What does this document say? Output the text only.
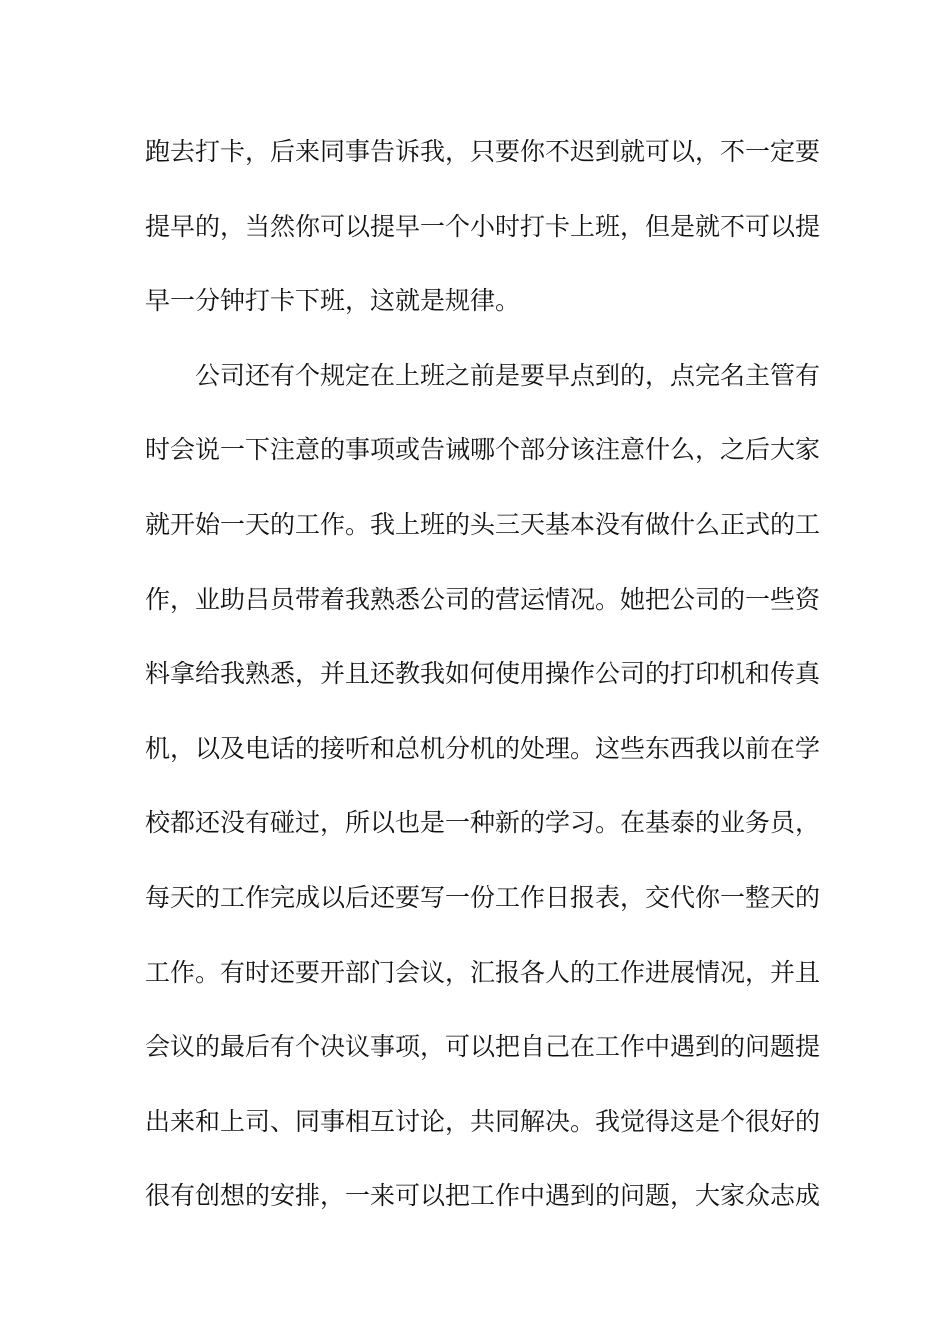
跑去打卡，后来同事告诉我，只要你不迟到就可以，不一定要
提早的，当然你可以提早一个小时打卡上班，但是就不可以提
早一分钟打卡下班，这就是规律。
公司还有个规定在上班之前是要早点到的，点完名主管有
时会说一下注意的事项或告诫哪个部分该注意什么，之后大家
就开始一天的工作。我上班的头三天基本没有做什么正式的工
作，业助吕员带着我熟悉公司的营运情况。她把公司的一些资
料拿给我熟悉，并且还教我如何使用操作公司的打印机和传真
机，以及电话的接听和总机分机的处理。这些东西我以前在学
校都还没有碰过，所以也是一种新的学习。在基泰的业务员，
每天的工作完成以后还要写一份工作日报表，交代你一整天的
工作。有时还要开部门会议，汇报各人的工作进展情况，并且
会议的最后有个决议事项，可以把自己在工作中遇到的问题提
出来和上司、同事相互讨论，共同解决。我觉得这是个很好的
很有创想的安排，一来可以把工作中遇到的问题，大家众志成
